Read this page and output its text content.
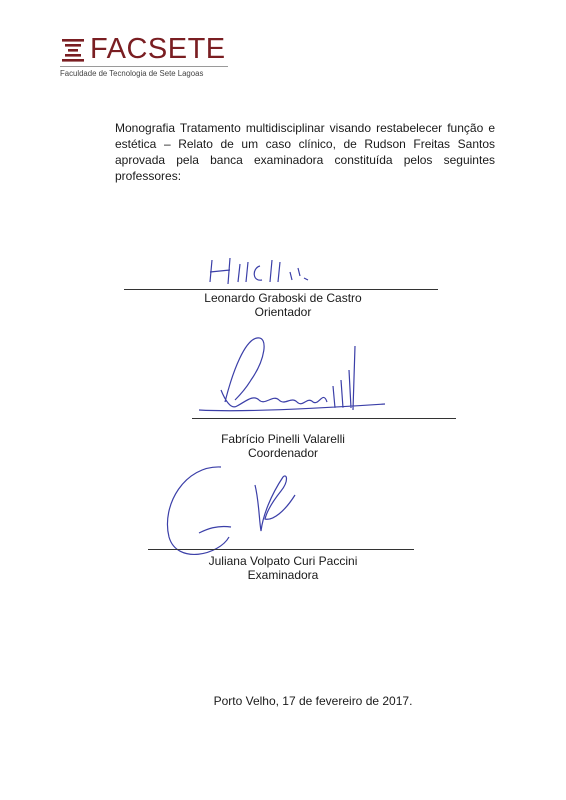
FACSETE
Faculdade de Tecnologia de Sete Lagoas
Monografia Tratamento multidisciplinar visando restabelecer função e estética – Relato de um caso clínico, de Rudson Freitas Santos aprovada pela banca examinadora constituída pelos seguintes professores:
Leonardo Graboski de Castro
Orientador
Fabrício Pinelli Valarelli
Coordenador
Juliana Volpato Curi Paccini
Examinadora
Porto Velho, 17 de fevereiro de 2017.
